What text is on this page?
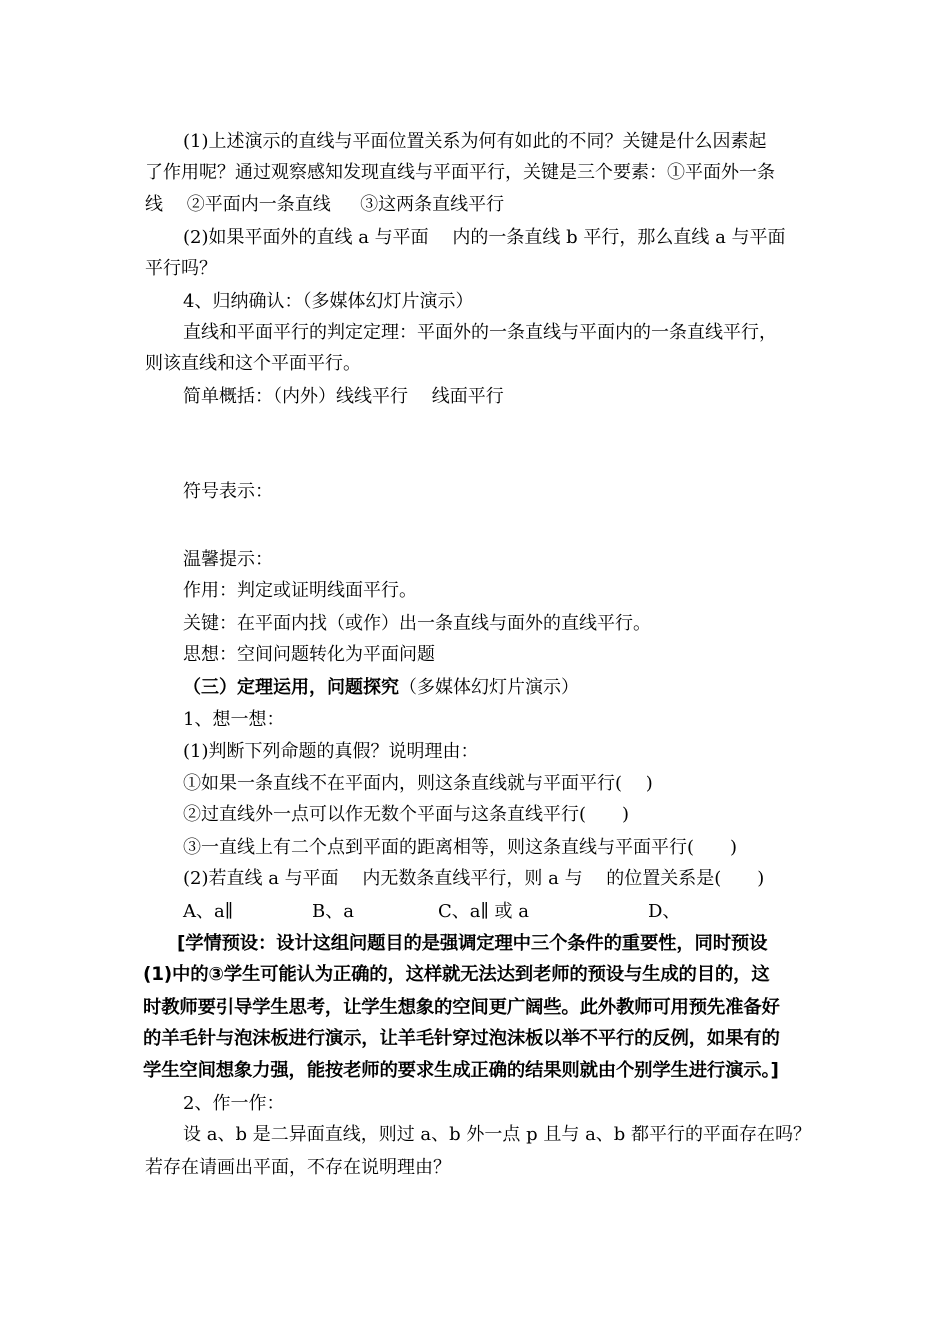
(1)上述演示的直线与平面位置关系为何有如此的不同？关键是什么因素起
了作用呢？通过观察感知发现直线与平面平行，关键是三个要素：①平面外一条
线　 ②平面内一条直线 　 ③这两条直线平行
(2)如果平面外的直线 a 与平面 　内的一条直线 b 平行，那么直线 a 与平面
平行吗？
4、归纳确认：（多媒体幻灯片演示）
直线和平面平行的判定定理：平面外的一条直线与平面内的一条直线平行，
则该直线和这个平面平行。
简单概括：（内外）线线平行　 线面平行
符号表示：
温馨提示：
作用：判定或证明线面平行。
关键：在平面内找（或作）出一条直线与面外的直线平行。
思想：空间问题转化为平面问题
（三）定理运用，问题探究（多媒体幻灯片演示）
1、想一想：
(1)判断下列命题的真假？说明理由：
①如果一条直线不在平面内，则这条直线就与平面平行(　 )
②过直线外一点可以作无数个平面与这条直线平行(　　)
③一直线上有二个点到平面的距离相等，则这条直线与平面平行(　　)
(2)若直线 a 与平面 　内无数条直线平行，则 a 与 　的位置关系是(　　)
A、a∥	B、a	C、a∥ 或 a	D、
[学情预设：设计这组问题目的是强调定理中三个条件的重要性，同时预设
(1)中的③学生可能认为正确的，这样就无法达到老师的预设与生成的目的，这
时教师要引导学生思考，让学生想象的空间更广阔些。此外教师可用预先准备好
的羊毛针与泡沫板进行演示，让羊毛针穿过泡沫板以举不平行的反例，如果有的
学生空间想象力强，能按老师的要求生成正确的结果则就由个别学生进行演示。]
2、作一作：
设 a、b 是二异面直线，则过 a、b 外一点 p 且与 a、b 都平行的平面存在吗？
若存在请画出平面，不存在说明理由？
